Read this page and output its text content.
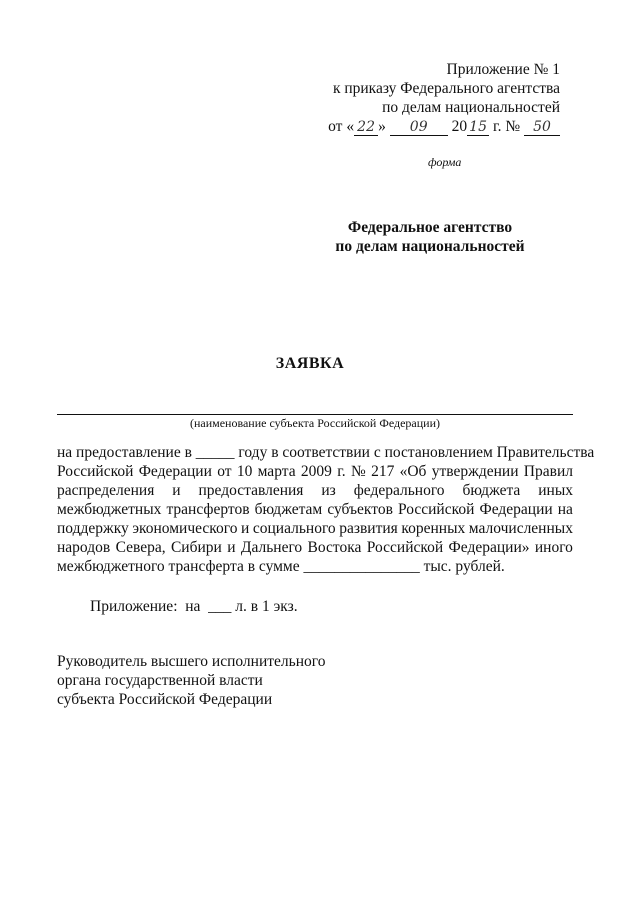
Приложение № 1
к приказу Федерального агентства
по делам национальностей
от « 22 » 09 20 15 г. № 50
форма
Федеральное агентство
по делам национальностей
ЗАЯВКА
(наименование субъекта Российской Федерации)
на предоставление в _____ году в соответствии с постановлением Правительства
Российской Федерации от 10 марта 2009 г. № 217 «Об утверждении Правил
распределения и предоставления из федерального бюджета иных
межбюджетных трансфертов бюджетам субъектов Российской Федерации на
поддержку экономического и социального развития коренных малочисленных
народов Севера, Сибири и Дальнего Востока Российской Федерации» иного
межбюджетного трансферта в сумме _______________ тыс. рублей.
Приложение:  на  ___ л. в 1 экз.
Руководитель высшего исполнительного
органа государственной власти
субъекта Российской Федерации
